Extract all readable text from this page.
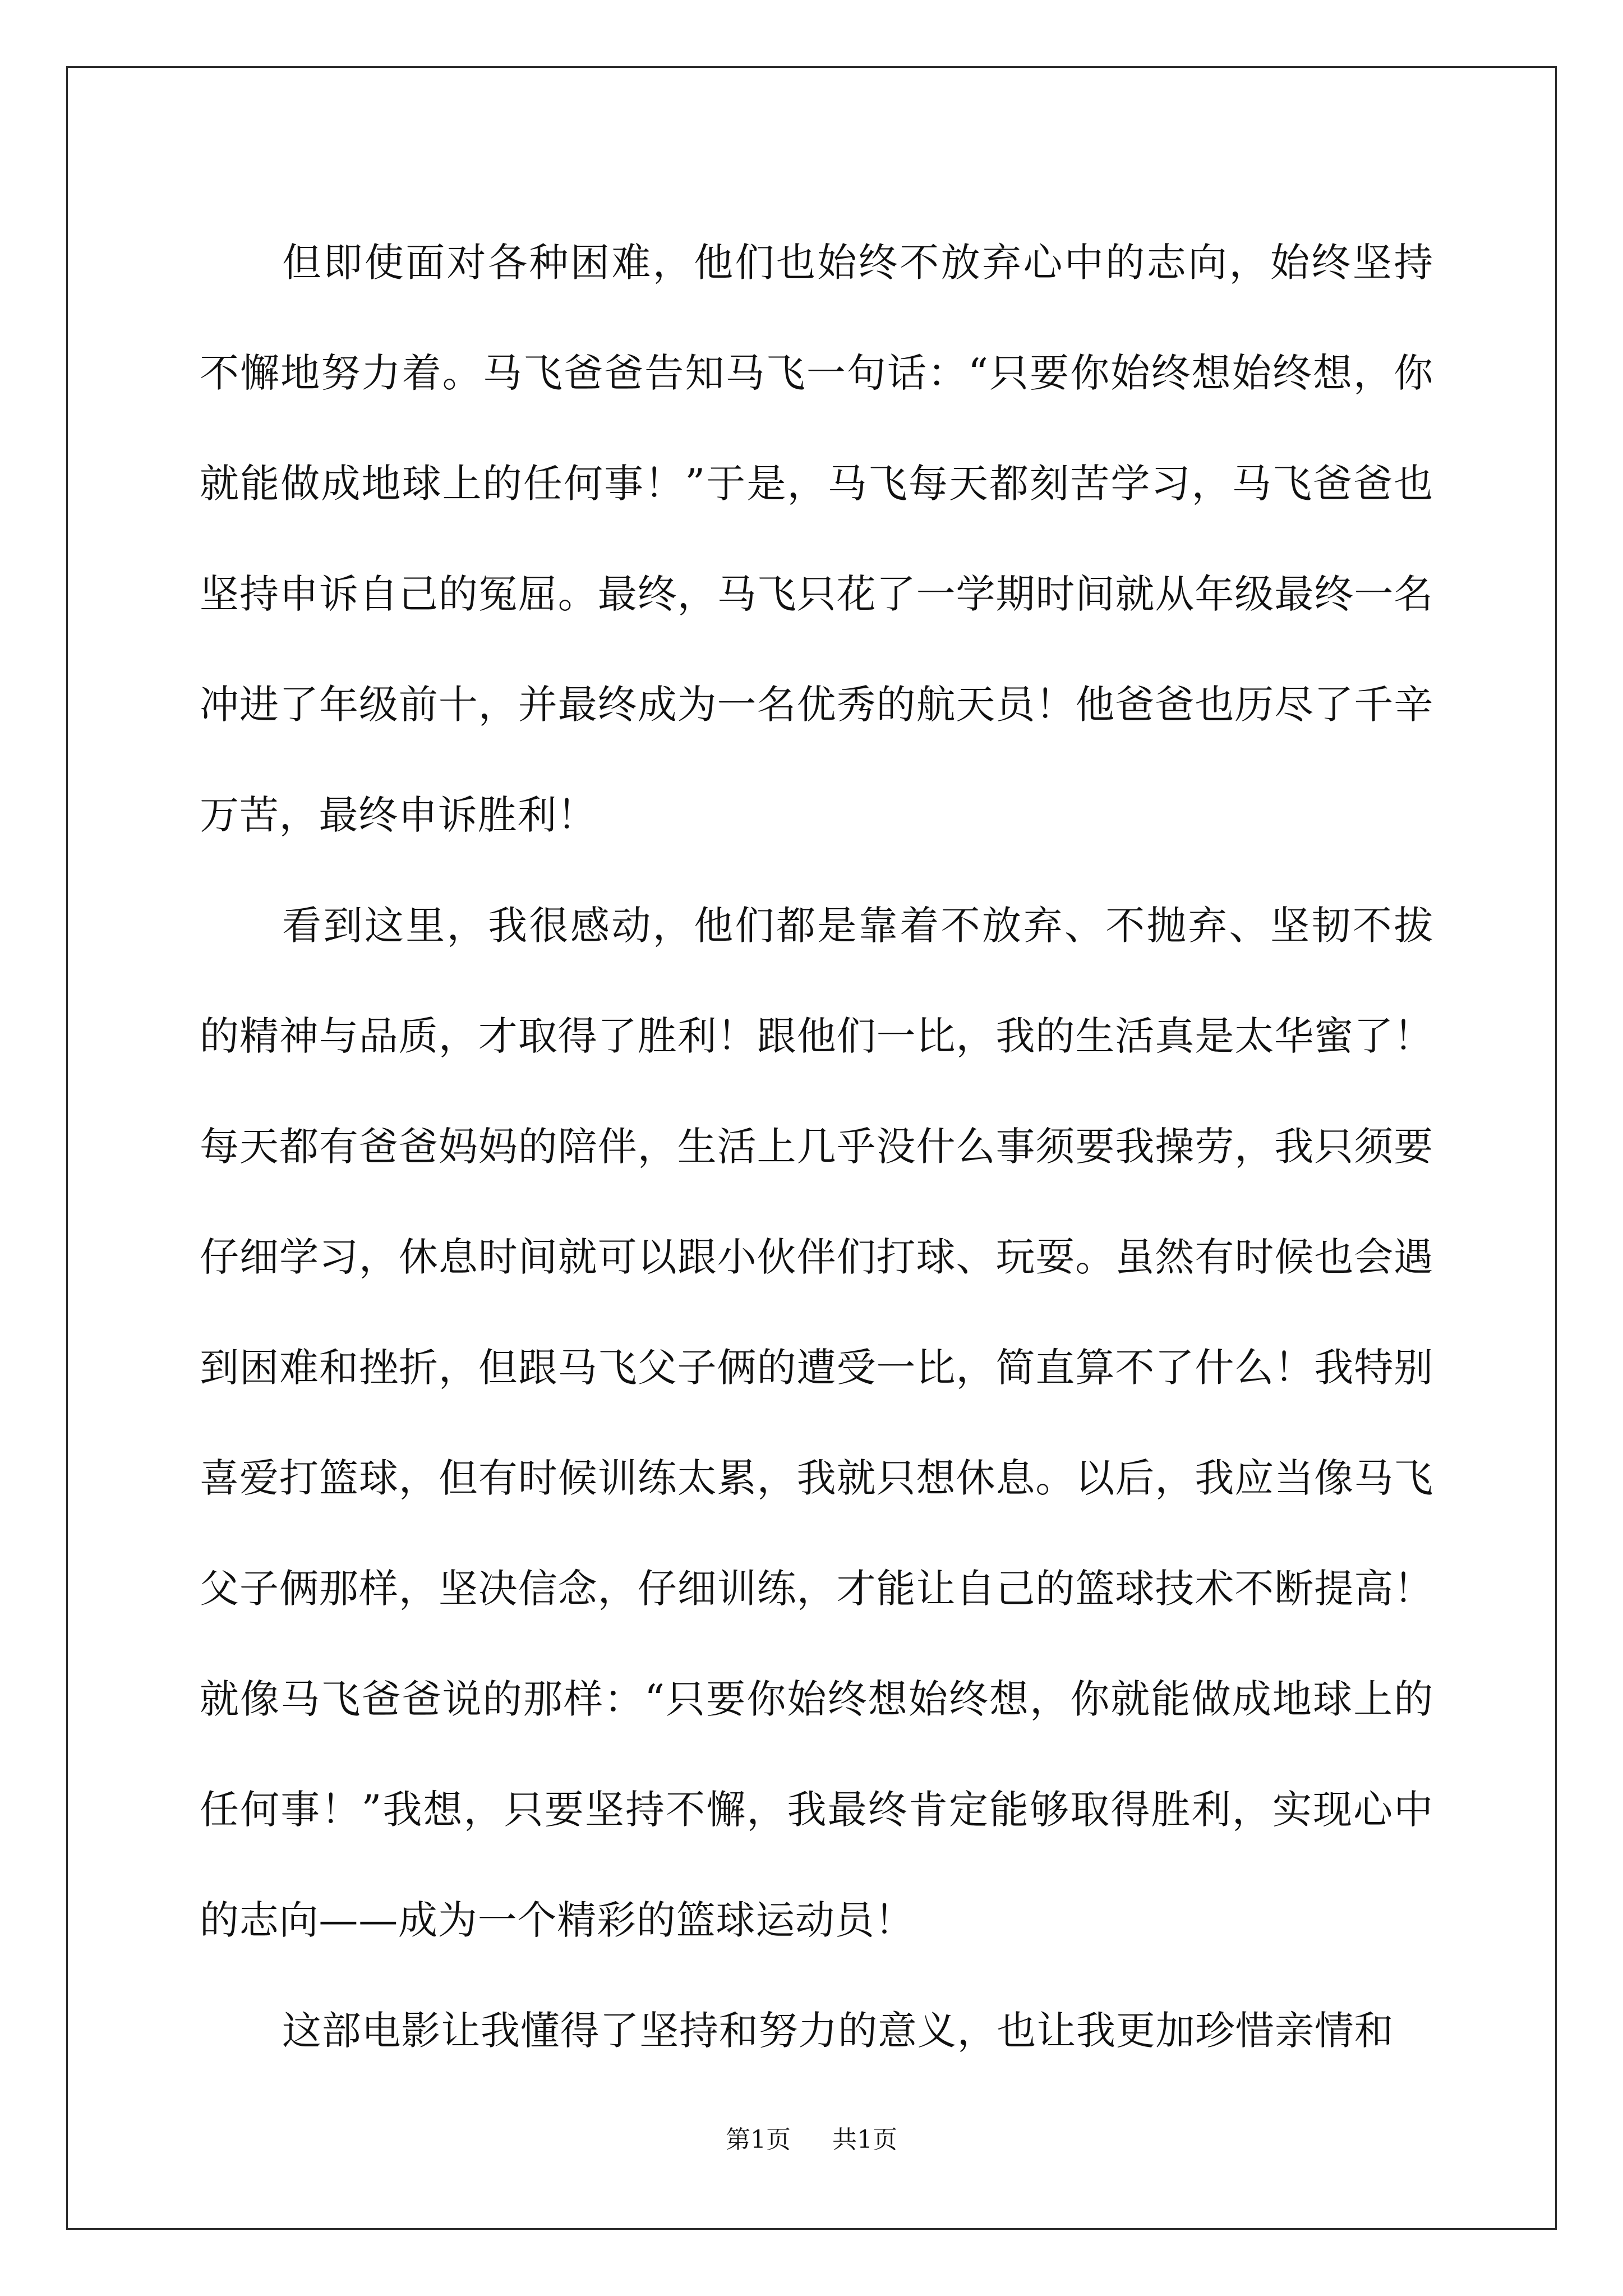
但即使面对各种困难，他们也始终不放弃心中的志向，始终坚持不懈地努力着。马飞爸爸告知马飞一句话：“只要你始终想始终想，你就能做成地球上的任何事！”于是，马飞每天都刻苦学习，马飞爸爸也坚持申诉自己的冤屈。最终，马飞只花了一学期时间就从年级最终一名冲进了年级前十，并最终成为一名优秀的航天员！他爸爸也历尽了千辛万苦，最终申诉胜利！

看到这里，我很感动，他们都是靠着不放弃、不抛弃、坚韧不拔的精神与品质，才取得了胜利！跟他们一比，我的生活真是太华蜜了！每天都有爸爸妈妈的陪伴，生活上几乎没什么事须要我操劳，我只须要仔细学习，休息时间就可以跟小伙伴们打球、玩耍。虽然有时候也会遇到困难和挫折，但跟马飞父子俩的遭受一比，简直算不了什么！我特别喜爱打篮球，但有时候训练太累，我就只想休息。以后，我应当像马飞父子俩那样，坚决信念，仔细训练，才能让自己的篮球技术不断提高！就像马飞爸爸说的那样：“只要你始终想始终想，你就能做成地球上的任何事！”我想，只要坚持不懈，我最终肯定能够取得胜利，实现心中的志向——成为一个精彩的篮球运动员！

这部电影让我懂得了坚持和努力的意义，也让我更加珍惜亲情和

第1页 共1页
